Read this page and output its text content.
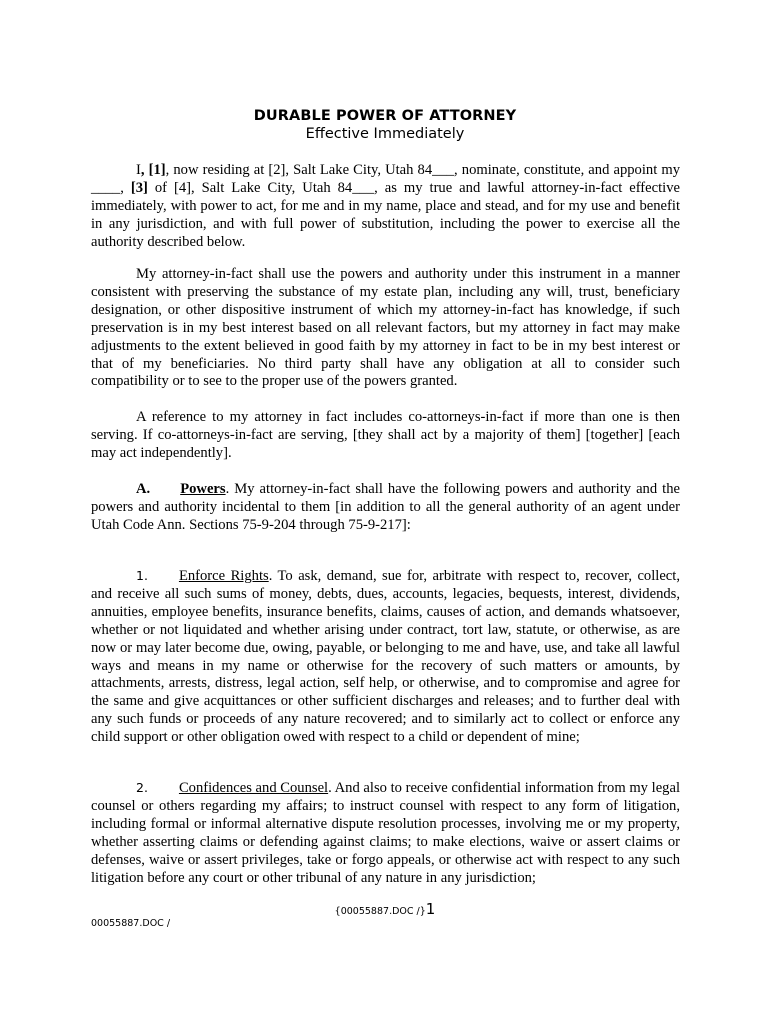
DURABLE POWER OF ATTORNEY
Effective Immediately

I, [1], now residing at [2], Salt Lake City, Utah 84___, nominate, constitute, and appoint my ____, [3] of [4], Salt Lake City, Utah 84___, as my true and lawful attorney-in-fact effective immediately, with power to act, for me and in my name, place and stead, and for my use and benefit in any jurisdiction, and with full power of substitution, including the power to exercise all the authority described below.

My attorney-in-fact shall use the powers and authority under this instrument in a manner consistent with preserving the substance of my estate plan, including any will, trust, beneficiary designation, or other dispositive instrument of which my attorney-in-fact has knowledge, if such preservation is in my best interest based on all relevant factors, but my attorney in fact may make adjustments to the extent believed in good faith by my attorney in fact to be in my best interest or that of my beneficiaries. No third party shall have any obligation at all to consider such compatibility or to see to the proper use of the powers granted.

A reference to my attorney in fact includes co-attorneys-in-fact if more than one is then serving. If co-attorneys-in-fact are serving, [they shall act by a majority of them] [together] [each may act independently].

A. Powers. My attorney-in-fact shall have the following powers and authority and the powers and authority incidental to them [in addition to all the general authority of an agent under Utah Code Ann. Sections 75-9-204 through 75-9-217]:

1. Enforce Rights. To ask, demand, sue for, arbitrate with respect to, recover, collect, and receive all such sums of money, debts, dues, accounts, legacies, bequests, interest, dividends, annuities, employee benefits, insurance benefits, claims, causes of action, and demands whatsoever, whether or not liquidated and whether arising under contract, tort law, statute, or otherwise, as are now or may later become due, owing, payable, or belonging to me and have, use, and take all lawful ways and means in my name or otherwise for the recovery of such matters or amounts, by attachments, arrests, distress, legal action, self help, or otherwise, and to compromise and agree for the same and give acquittances or other sufficient discharges and releases; and to further deal with any such funds or proceeds of any nature recovered; and to similarly act to collect or enforce any child support or other obligation owed with respect to a child or dependent of mine;

2. Confidences and Counsel. And also to receive confidential information from my legal counsel or others regarding my affairs; to instruct counsel with respect to any form of litigation, including formal or informal alternative dispute resolution processes, involving me or my property, whether asserting claims or defending against claims; to make elections, waive or assert claims or defenses, waive or assert privileges, take or forgo appeals, or otherwise act with respect to any such litigation before any court or other tribunal of any nature in any jurisdiction;

{00055887.DOC /}1
00055887.DOC /
